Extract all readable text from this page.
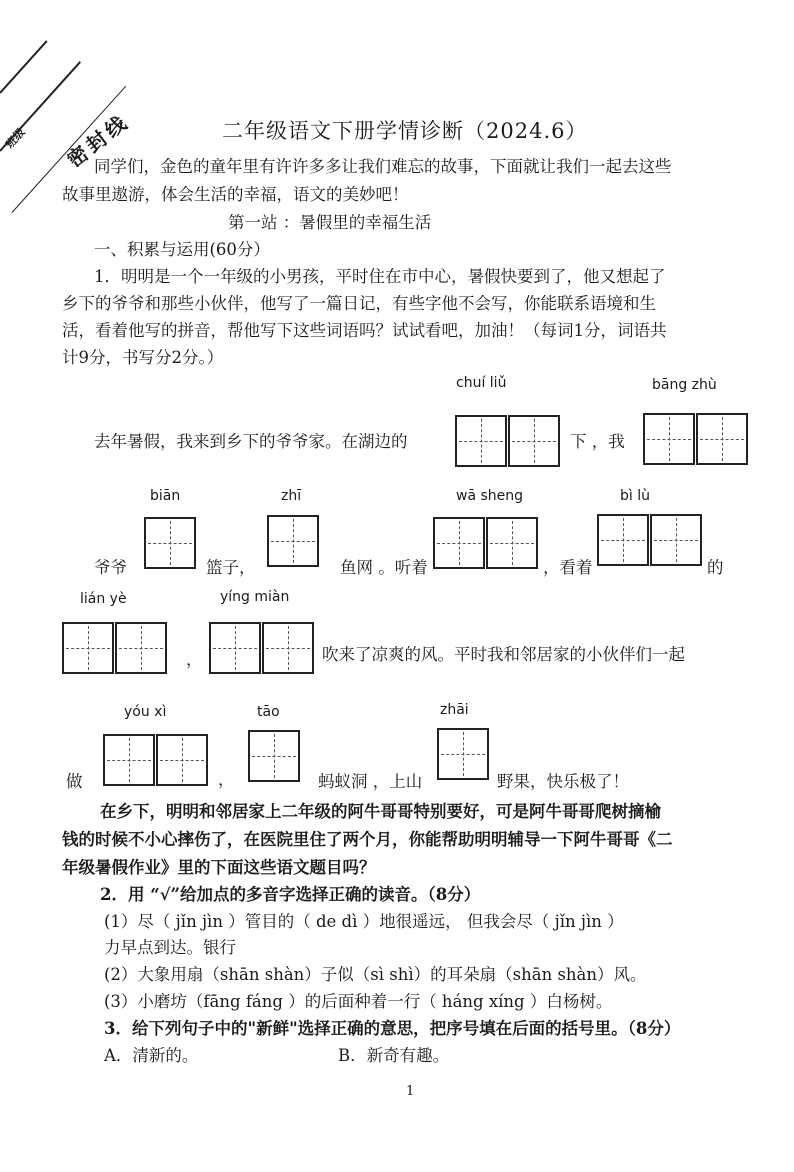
密封线
班级	二年级语文下册学情诊断（2024.6）
同学们，金色的童年里有许许多多让我们难忘的故事，下面就让我们一起去这些
故事里遨游，体会生活的幸福，语文的美妙吧！
第一站 ：暑假里的幸福生活
一、积累与运用(60分）
1．明明是一个一年级的小男孩，平时住在市中心，暑假快要到了，他又想起了
乡下的爷爷和那些小伙伴，他写了一篇日记，有些字他不会写，你能联系语境和生
活，看着他写的拼音，帮他写下这些词语吗？试试看吧，加油！（每词1分，词语共
计9分，书写分2分。）
chuí liǔ	bāng zhù
去年暑假，我来到乡下的爷爷家。在湖边的	下 ，我
biān	zhī	wā sheng	bì lù
爷爷	篮子，	鱼网 。听着	，看着	的
lián yè	yíng miàn
，	吹来了凉爽的风。平时我和邻居家的小伙伴们一起
yóu xì	tāo	zhāi
做	，	蚂蚁洞 ，上山	野果，快乐极了！
在乡下，明明和邻居家上二年级的阿牛哥哥特别要好，可是阿牛哥哥爬树摘榆
钱的时候不小心摔伤了，在医院里住了两个月，你能帮助明明辅导一下阿牛哥哥《二
年级暑假作业》里的下面这些语文题目吗？
2．用 “√”给加点的多音字选择正确的读音。（8分）
(1）尽（ jǐn jìn ）管目的（ de dì ）地很遥远， 但我会尽（ jǐn jìn ）
力早点到达。银行
(2）大象用扇（shān shàn）子似（sì shì）的耳朵扇（shān shàn）风。
(3）小磨坊（fāng fáng ）的后面种着一行（ háng xíng ）白杨树。
3．给下列句子中的"新鲜"选择正确的意思，把序号填在后面的括号里。（8分）
A．清新的。	B．新奇有趣。
1
